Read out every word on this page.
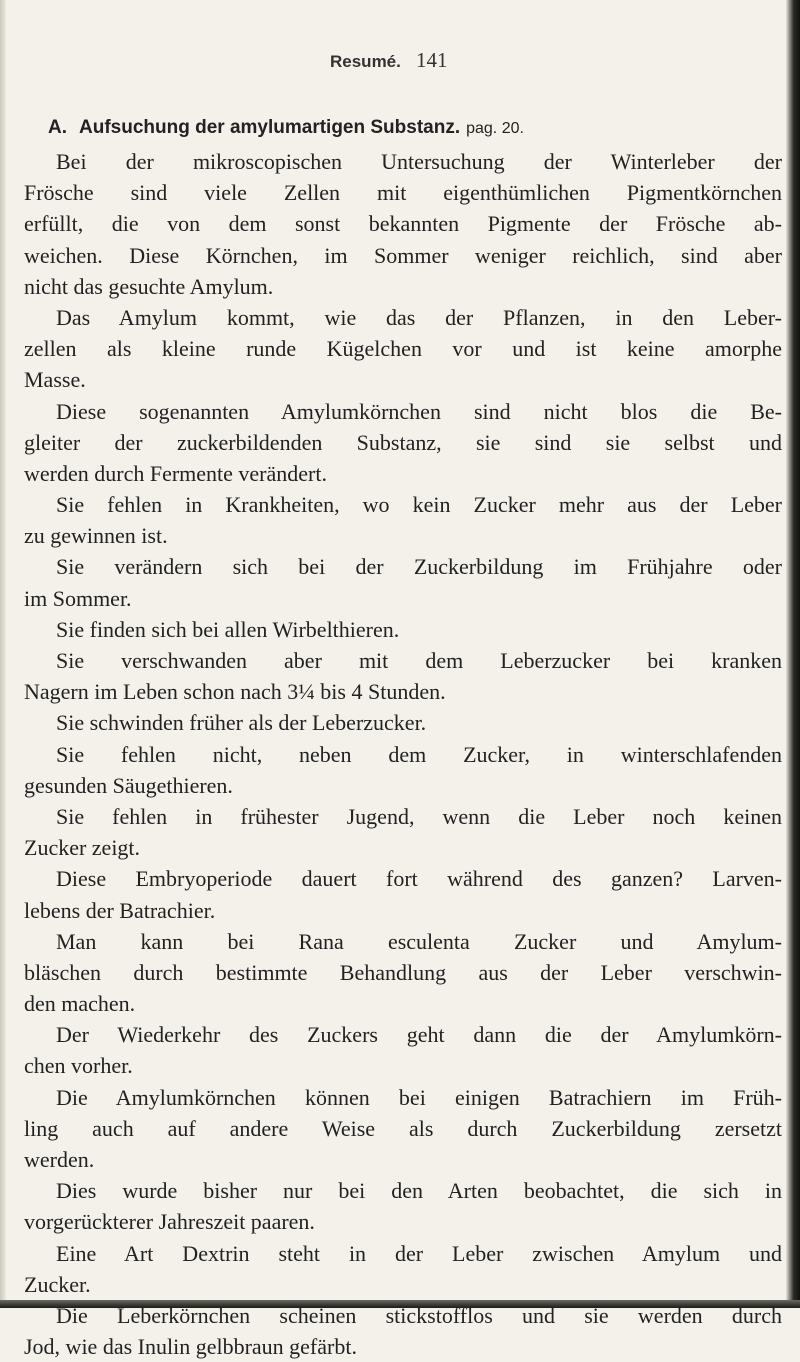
Resumé. 141
A. Aufsuchung der amylumartigen Substanz. pag. 20.
Bei der mikroscopischen Untersuchung der Winterleber der
Frösche sind viele Zellen mit eigenthümlichen Pigmentkörnchen
erfüllt, die von dem sonst bekannten Pigmente der Frösche ab-
weichen. Diese Körnchen, im Sommer weniger reichlich, sind aber
nicht das gesuchte Amylum.
Das Amylum kommt, wie das der Pflanzen, in den Leber-
zellen als kleine runde Kügelchen vor und ist keine amorphe
Masse.
Diese sogenannten Amylumkörnchen sind nicht blos die Be-
gleiter der zuckerbildenden Substanz, sie sind sie selbst und
werden durch Fermente verändert.
Sie fehlen in Krankheiten, wo kein Zucker mehr aus der Leber
zu gewinnen ist.
Sie verändern sich bei der Zuckerbildung im Frühjahre oder
im Sommer.
Sie finden sich bei allen Wirbelthieren.
Sie verschwanden aber mit dem Leberzucker bei kranken
Nagern im Leben schon nach 3¼ bis 4 Stunden.
Sie schwinden früher als der Leberzucker.
Sie fehlen nicht, neben dem Zucker, in winterschlafenden
gesunden Säugethieren.
Sie fehlen in frühester Jugend, wenn die Leber noch keinen
Zucker zeigt.
Diese Embryoperiode dauert fort während des ganzen? Larven-
lebens der Batrachier.
Man kann bei Rana esculenta Zucker und Amylum-
bläschen durch bestimmte Behandlung aus der Leber verschwin-
den machen.
Der Wiederkehr des Zuckers geht dann die der Amylumkörn-
chen vorher.
Die Amylumkörnchen können bei einigen Batrachiern im Früh-
ling auch auf andere Weise als durch Zuckerbildung zersetzt
werden.
Dies wurde bisher nur bei den Arten beobachtet, die sich in
vorgerückterer Jahreszeit paaren.
Eine Art Dextrin steht in der Leber zwischen Amylum und
Zucker.
Die Leberkörnchen scheinen stickstofflos und sie werden durch
Jod, wie das Inulin gelbbraun gefärbt.
